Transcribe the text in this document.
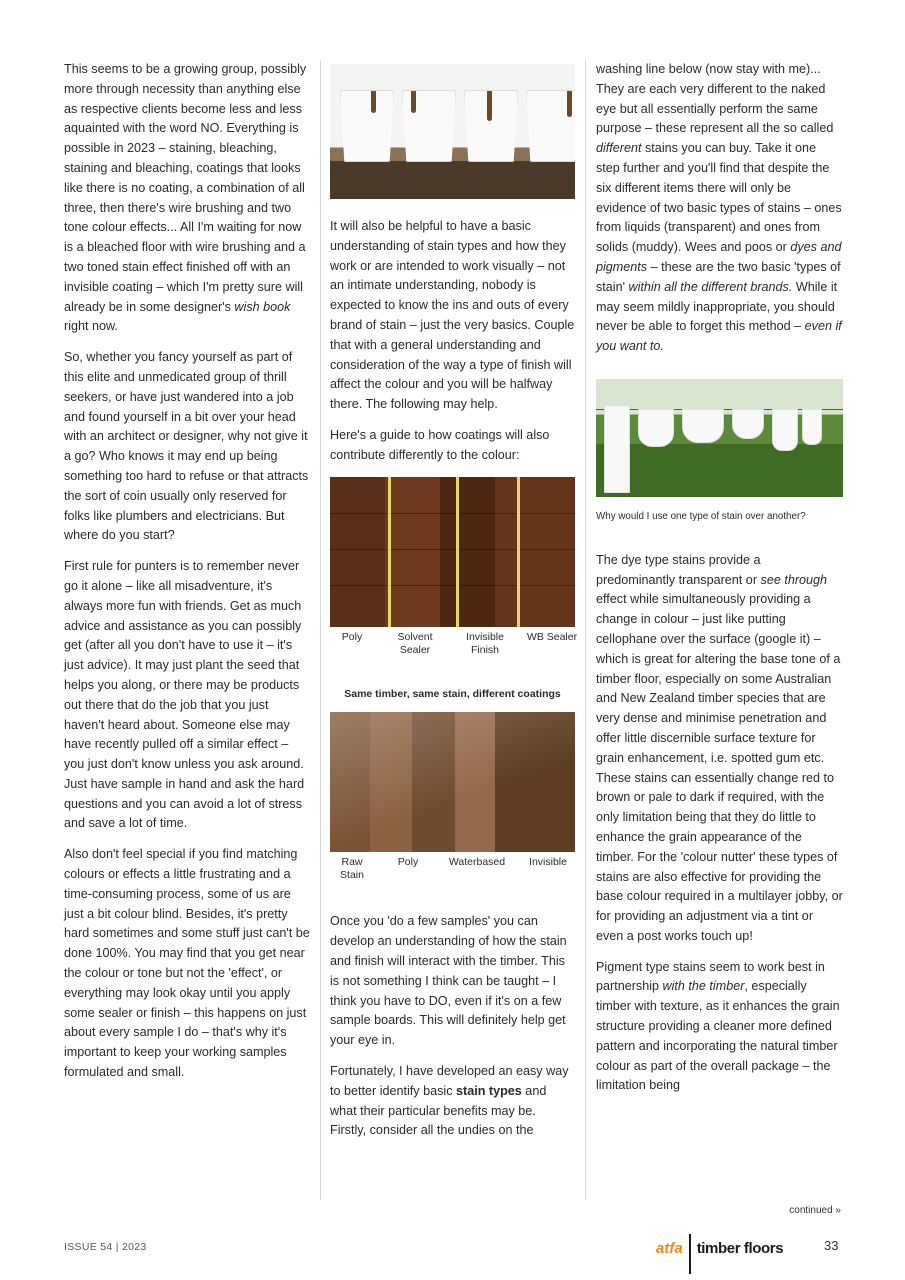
This seems to be a growing group, possibly more through necessity than anything else as respective clients become less and less aquainted with the word NO. Everything is possible in 2023 – staining, bleaching, staining and bleaching, coatings that looks like there is no coating, a combination of all three, then there's wire brushing and two tone colour effects... All I'm waiting for now is a bleached floor with wire brushing and a two toned stain effect finished off with an invisible coating – which I'm pretty sure will already be in some designer's wish book right now.

So, whether you fancy yourself as part of this elite and unmedicated group of thrill seekers, or have just wandered into a job and found yourself in a bit over your head with an architect or designer, why not give it a go? Who knows it may end up being something too hard to refuse or that attracts the sort of coin usually only reserved for folks like plumbers and electricians. But where do you start?

First rule for punters is to remember never go it alone – like all misadventure, it's always more fun with friends. Get as much advice and assistance as you can possibly get (after all you don't have to use it – it's just advice). It may just plant the seed that helps you along, or there may be products out there that do the job that you just haven't heard about. Someone else may have recently pulled off a similar effect – you just don't know unless you ask around. Just have sample in hand and ask the hard questions and you can avoid a lot of stress and save a lot of time.

Also don't feel special if you find matching colours or effects a little frustrating and a time-consuming process, some of us are just a bit colour blind. Besides, it's pretty hard sometimes and some stuff just can't be done 100%. You may find that you get near the colour or tone but not the 'effect', or everything may look okay until you apply some sealer or finish – this happens on just about every sample I do – that's why it's important to keep your working samples formulated and small.

It will also be helpful to have a basic understanding of stain types and how they work or are intended to work visually – not an intimate understanding, nobody is expected to know the ins and outs of every brand of stain – just the very basics. Couple that with a general understanding and consideration of the way a type of finish will affect the colour and you will be halfway there. The following may help.

Here's a guide to how coatings will also contribute differently to the colour:

Poly	Solvent Sealer
Invisible Finish
WB Sealer
Same timber, same stain, different coatings
Raw Stain
Poly	Waterbased	Invisible

Once you 'do a few samples' you can develop an understanding of how the stain and finish will interact with the timber. This is not something I think can be taught – I think you have to DO, even if it's on a few sample boards. This will definitely help get your eye in.

Fortunately, I have developed an easy way to better identify basic stain types and what their particular benefits may be. Firstly, consider all the undies on the

washing line below (now stay with me)... They are each very different to the naked eye but all essentially perform the same purpose – these represent all the so called different stains you can buy. Take it one step further and you'll find that despite the six different items there will only be evidence of two basic types of stains – ones from liquids (transparent) and ones from solids (muddy). Wees and poos or dyes and pigments – these are the two basic 'types of stain' within all the different brands. While it may seem mildly inappropriate, you should never be able to forget this method – even if you want to.

Why would I use one type of stain over another?

The dye type stains provide a predominantly transparent or see through effect while simultaneously providing a change in colour – just like putting cellophane over the surface (google it) – which is great for altering the base tone of a timber floor, especially on some Australian and New Zealand timber species that are very dense and minimise penetration and offer little discernible surface texture for grain enhancement, i.e. spotted gum etc. These stains can essentially change red to brown or pale to dark if required, with the only limitation being that they do little to enhance the grain appearance of the timber. For the 'colour nutter' these types of stains are also effective for providing the base colour required in a multilayer jobby, or for providing an adjustment via a tint or even a post works touch up!

Pigment type stains seem to work best in partnership with the timber, especially timber with texture, as it enhances the grain structure providing a cleaner more defined pattern and incorporating the natural timber colour as part of the overall package – the limitation being

continued »
ISSUE 54 | 2023	atfa timber floors	33
